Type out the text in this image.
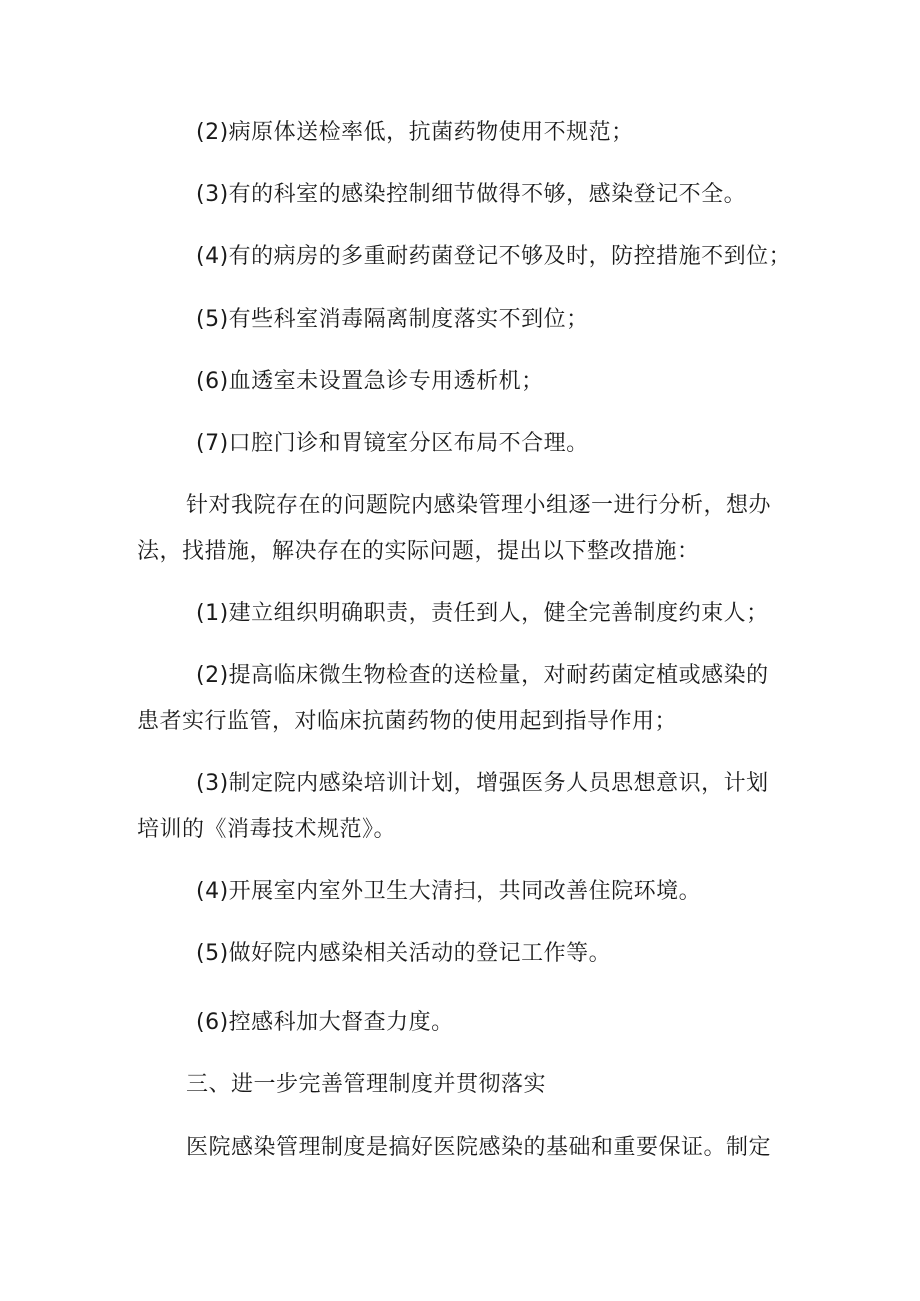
(2)病原体送检率低，抗菌药物使用不规范；
(3)有的科室的感染控制细节做得不够，感染登记不全。
(4)有的病房的多重耐药菌登记不够及时，防控措施不到位；
(5)有些科室消毒隔离制度落实不到位；
(6)血透室未设置急诊专用透析机；
(7)口腔门诊和胃镜室分区布局不合理。
针对我院存在的问题院内感染管理小组逐一进行分析，想办
法，找措施，解决存在的实际问题，提出以下整改措施：
(1)建立组织明确职责，责任到人，健全完善制度约束人；
(2)提高临床微生物检查的送检量，对耐药菌定植或感染的
患者实行监管，对临床抗菌药物的使用起到指导作用；
(3)制定院内感染培训计划，增强医务人员思想意识，计划
培训的《消毒技术规范》。
(4)开展室内室外卫生大清扫，共同改善住院环境。
(5)做好院内感染相关活动的登记工作等。
(6)控感科加大督查力度。
三、进一步完善管理制度并贯彻落实
医院感染管理制度是搞好医院感染的基础和重要保证。制定
